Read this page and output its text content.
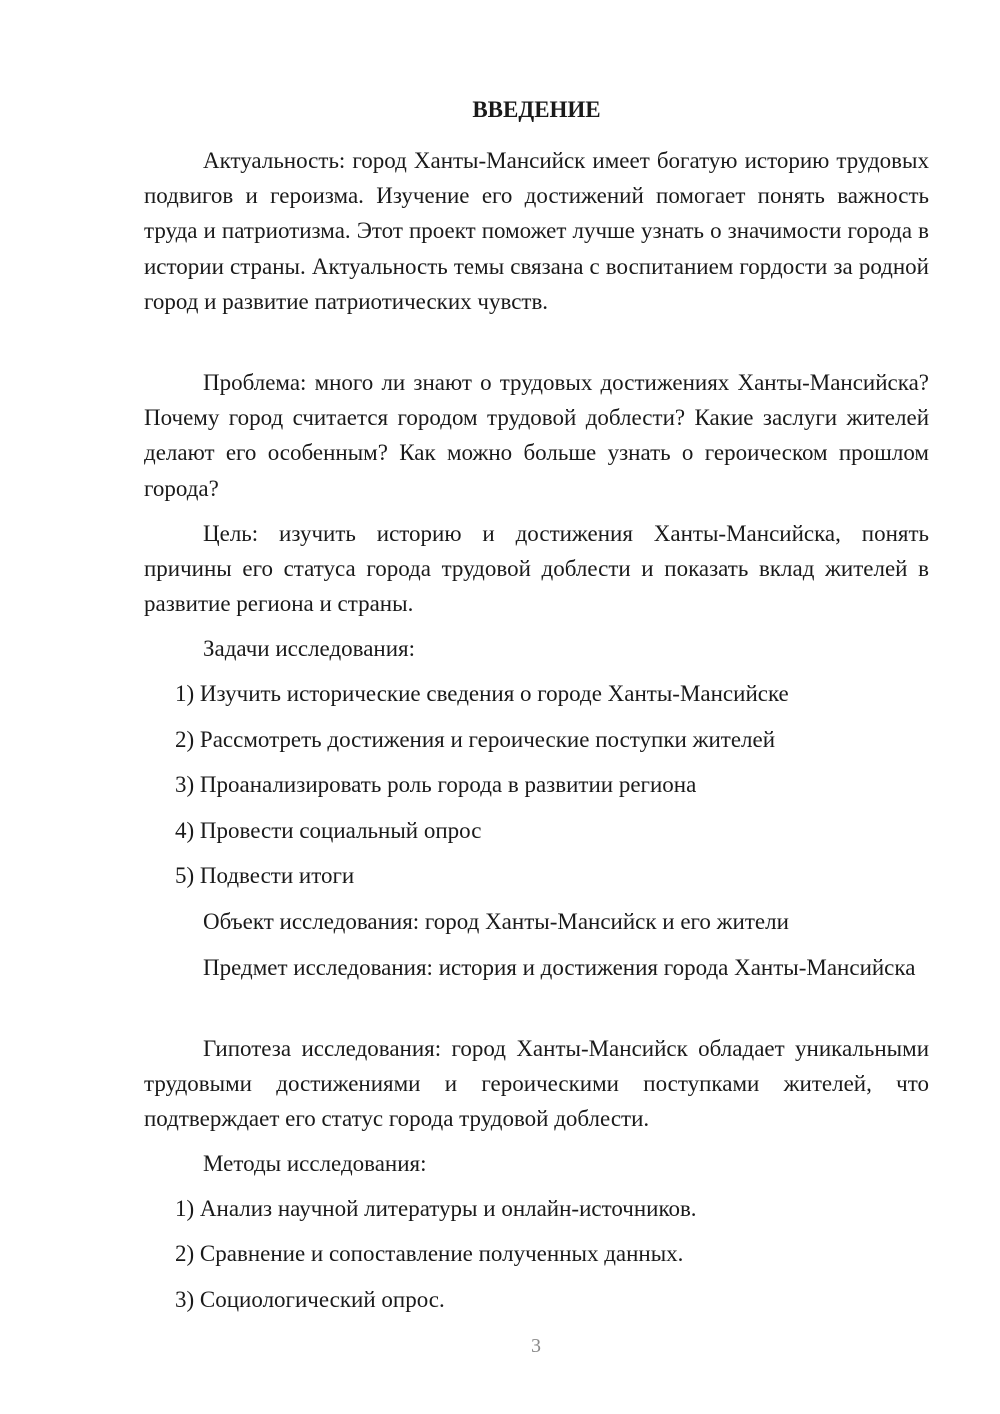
ВВЕДЕНИЕ

Актуальность: город Ханты-Мансийск имеет богатую историю трудовых подвигов и героизма. Изучение его достижений помогает понять важность труда и патриотизма. Этот проект поможет лучше узнать о значимости города в истории страны. Актуальность темы связана с воспитанием гордости за родной город и развитие патриотических чувств.

Проблема: много ли знают о трудовых достижениях Ханты-Мансийска? Почему город считается городом трудовой доблести? Какие заслуги жителей делают его особенным? Как можно больше узнать о героическом прошлом города?

Цель: изучить историю и достижения Ханты-Мансийска, понять причины его статуса города трудовой доблести и показать вклад жителей в развитие региона и страны.

Задачи исследования:

1) Изучить исторические сведения о городе Ханты-Мансийске

2) Рассмотреть достижения и героические поступки жителей

3) Проанализировать роль города в развитии региона

4) Провести социальный опрос

5) Подвести итоги

Объект исследования: город Ханты-Мансийск и его жители

Предмет исследования: история и достижения города Ханты-Мансийска

Гипотеза исследования: город Ханты-Мансийск обладает уникальными трудовыми достижениями и героическими поступками жителей, что подтверждает его статус города трудовой доблести.

Методы исследования:

1) Анализ научной литературы и онлайн-источников.

2) Сравнение и сопоставление полученных данных.

3) Социологический опрос.

3
